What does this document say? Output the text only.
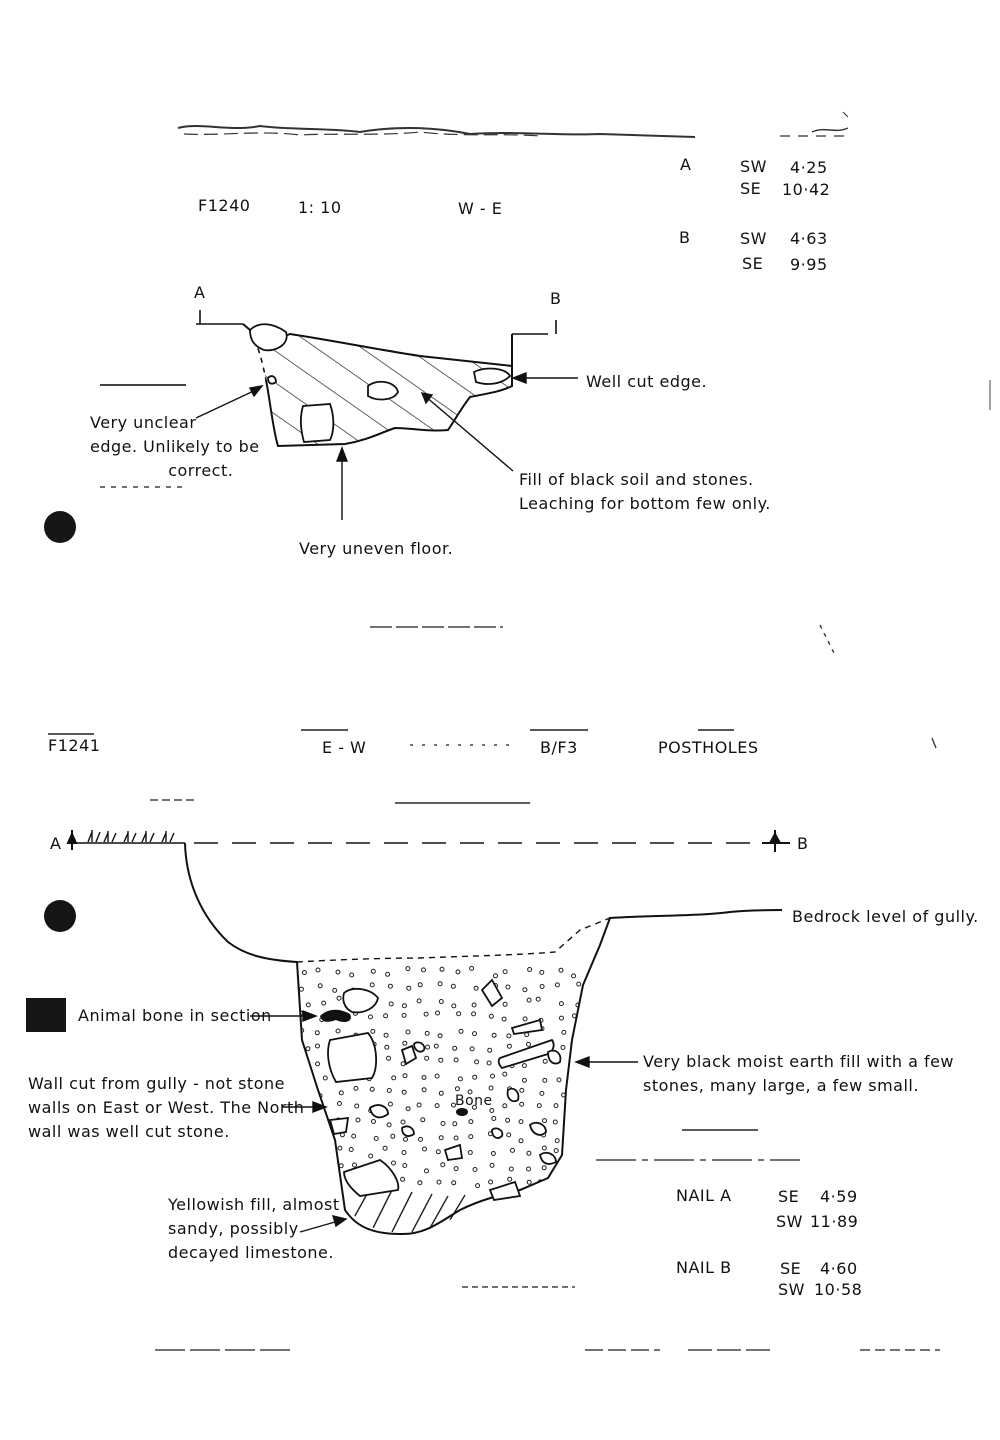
F1240	1: 10	W - E
A	SW 4·25
SE 10·42
B	SW 4·63
SE 9·95
A	B
Very unclear
edge. Unlikely to be
correct.
Well cut edge.
Fill of black soil and stones.
Leaching for bottom few only.
Very uneven floor.
F1241	E - W	B/F3	POSTHOLES
A	B
Bedrock level of gully.
Animal bone in section
Very black moist earth fill with a few
stones, many large, a few small.
Wall cut from gully - not stone
walls on East or West. The North
wall was well cut stone.
Bone
Yellowish fill, almost
sandy, possibly
decayed limestone.
NAIL A	SE 4·59
SW 11·89
NAIL B	SE 4·60
SW 10·58
